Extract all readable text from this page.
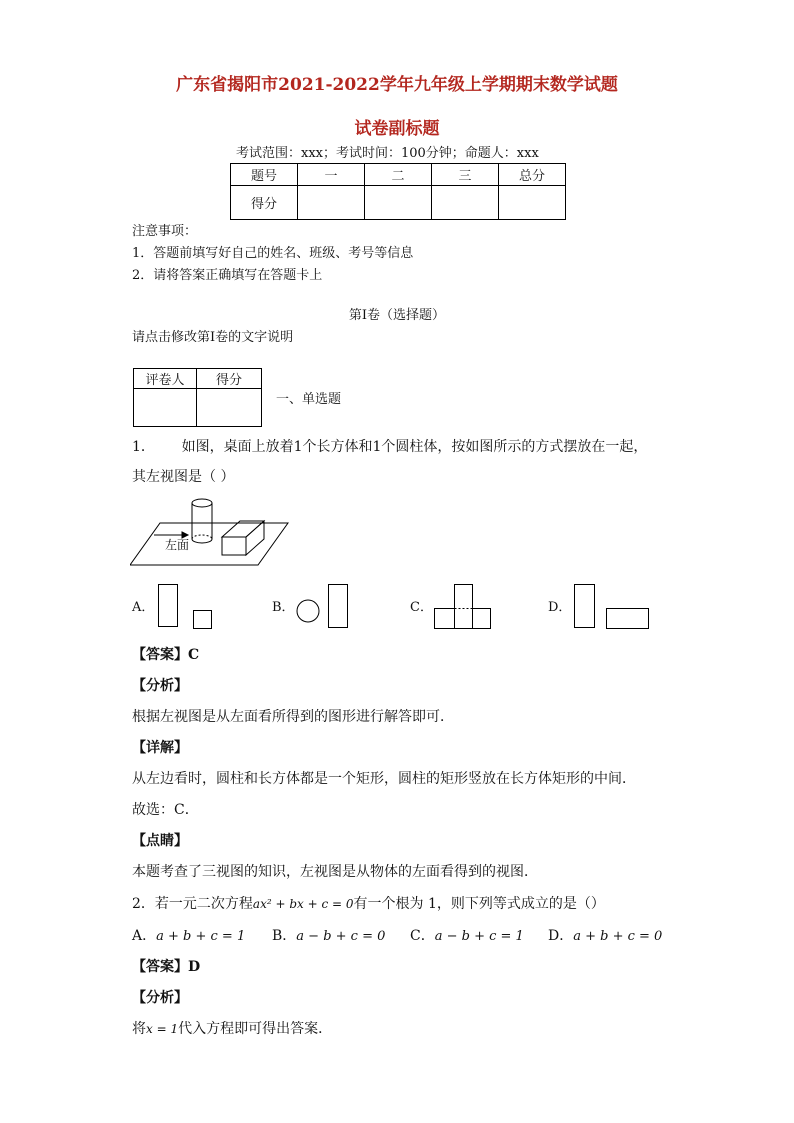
广东省揭阳市2021-2022学年九年级上学期期末数学试题
试卷副标题
考试范围：xxx；考试时间：100分钟；命题人：xxx
题号	一	二	三	总分
得分				
注意事项：
1．答题前填写好自己的姓名、班级、考号等信息
2．请将答案正确填写在答题卡上
第I卷（选择题）
请点击修改第I卷的文字说明
评卷人	得分

一、单选题
1．      如图，桌面上放着1个长方体和1个圆柱体，按如图所示的方式摆放在一起，
其左视图是（ ）
左面
A．	B．	C．	D．
【答案】C
【分析】
根据左视图是从左面看所得到的图形进行解答即可．
【详解】
从左边看时，圆柱和长方体都是一个矩形，圆柱的矩形竖放在长方体矩形的中间．
故选：C．
【点睛】
本题考查了三视图的知识，左视图是从物体的左面看得到的视图．
2．若一元二次方程ax² + bx + c = 0有一个根为 1，则下列等式成立的是（）
A．a + b + c = 1 B．a − b + c = 0 C．a − b + c = 1 D．a + b + c = 0
【答案】D
【分析】
将x = 1代入方程即可得出答案．
